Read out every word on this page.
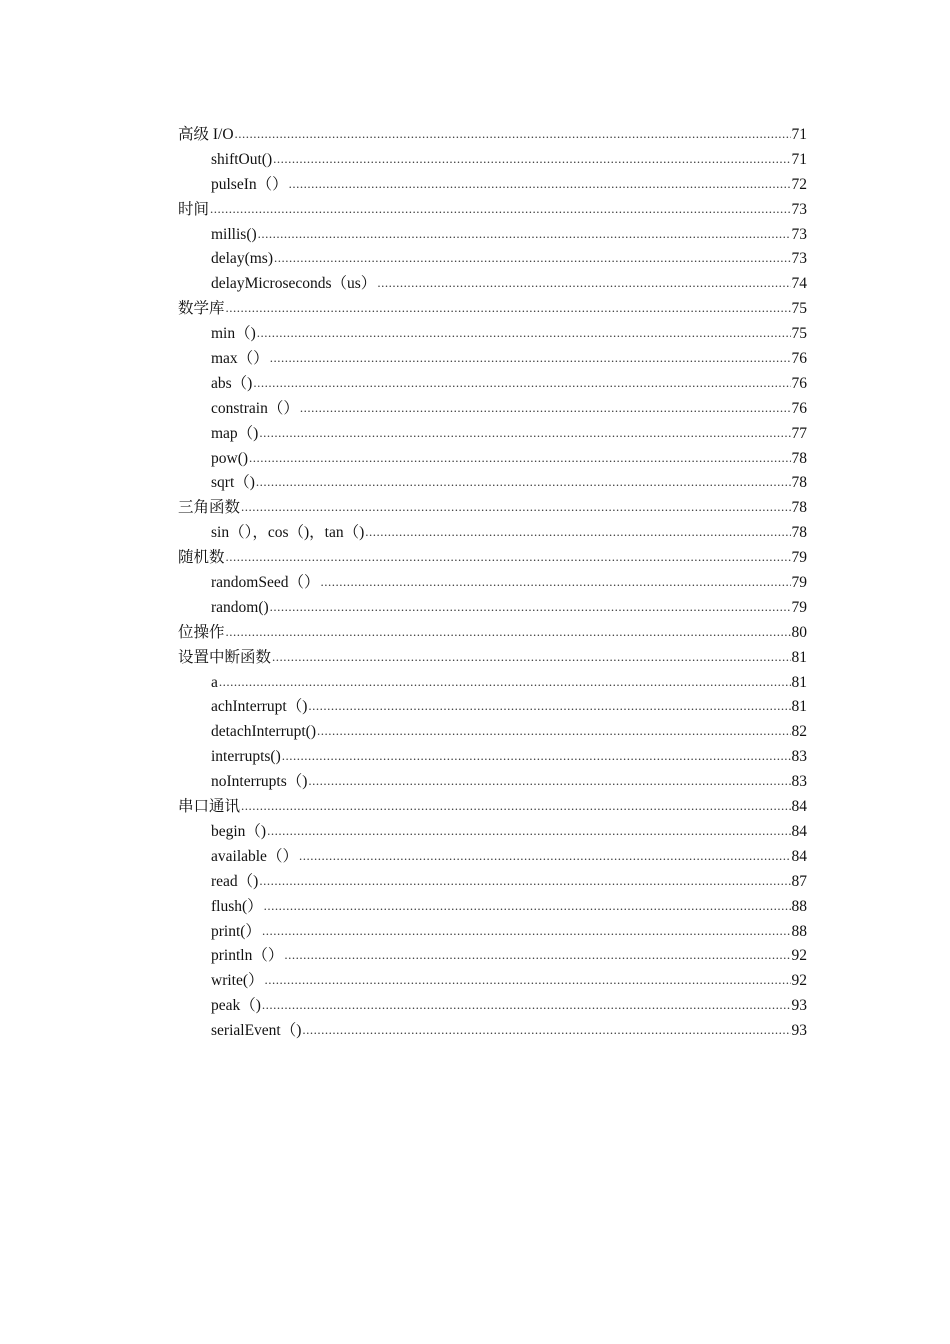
高级 I/O .....	71
shiftOut() .....	71
pulseIn（） .....	72
时间 .....	73
millis() .....	73
delay(ms) .....	73
delayMicroseconds（us） .....	74
数学库 .....	75
min（) .....	75
max（） .....	76
abs（) .....	76
constrain（） .....	76
map（) .....	77
pow() .....	78
sqrt（) .....	78
三角函数 .....	78
sin（），cos（)，tan（) .....	78
随机数 .....	79
randomSeed（） .....	79
random() .....	79
位操作 .....	80
设置中断函数 .....	81
a .....	81
achInterrupt（) .....	81
detachInterrupt() .....	82
interrupts() .....	83
noInterrupts（) .....	83
串口通讯 .....	84
begin（) .....	84
available（） .....	84
read（) .....	87
flush(） .....	88
print(） .....	88
println（） .....	92
write(） .....	92
peak（) .....	93
serialEvent（) .....	93
